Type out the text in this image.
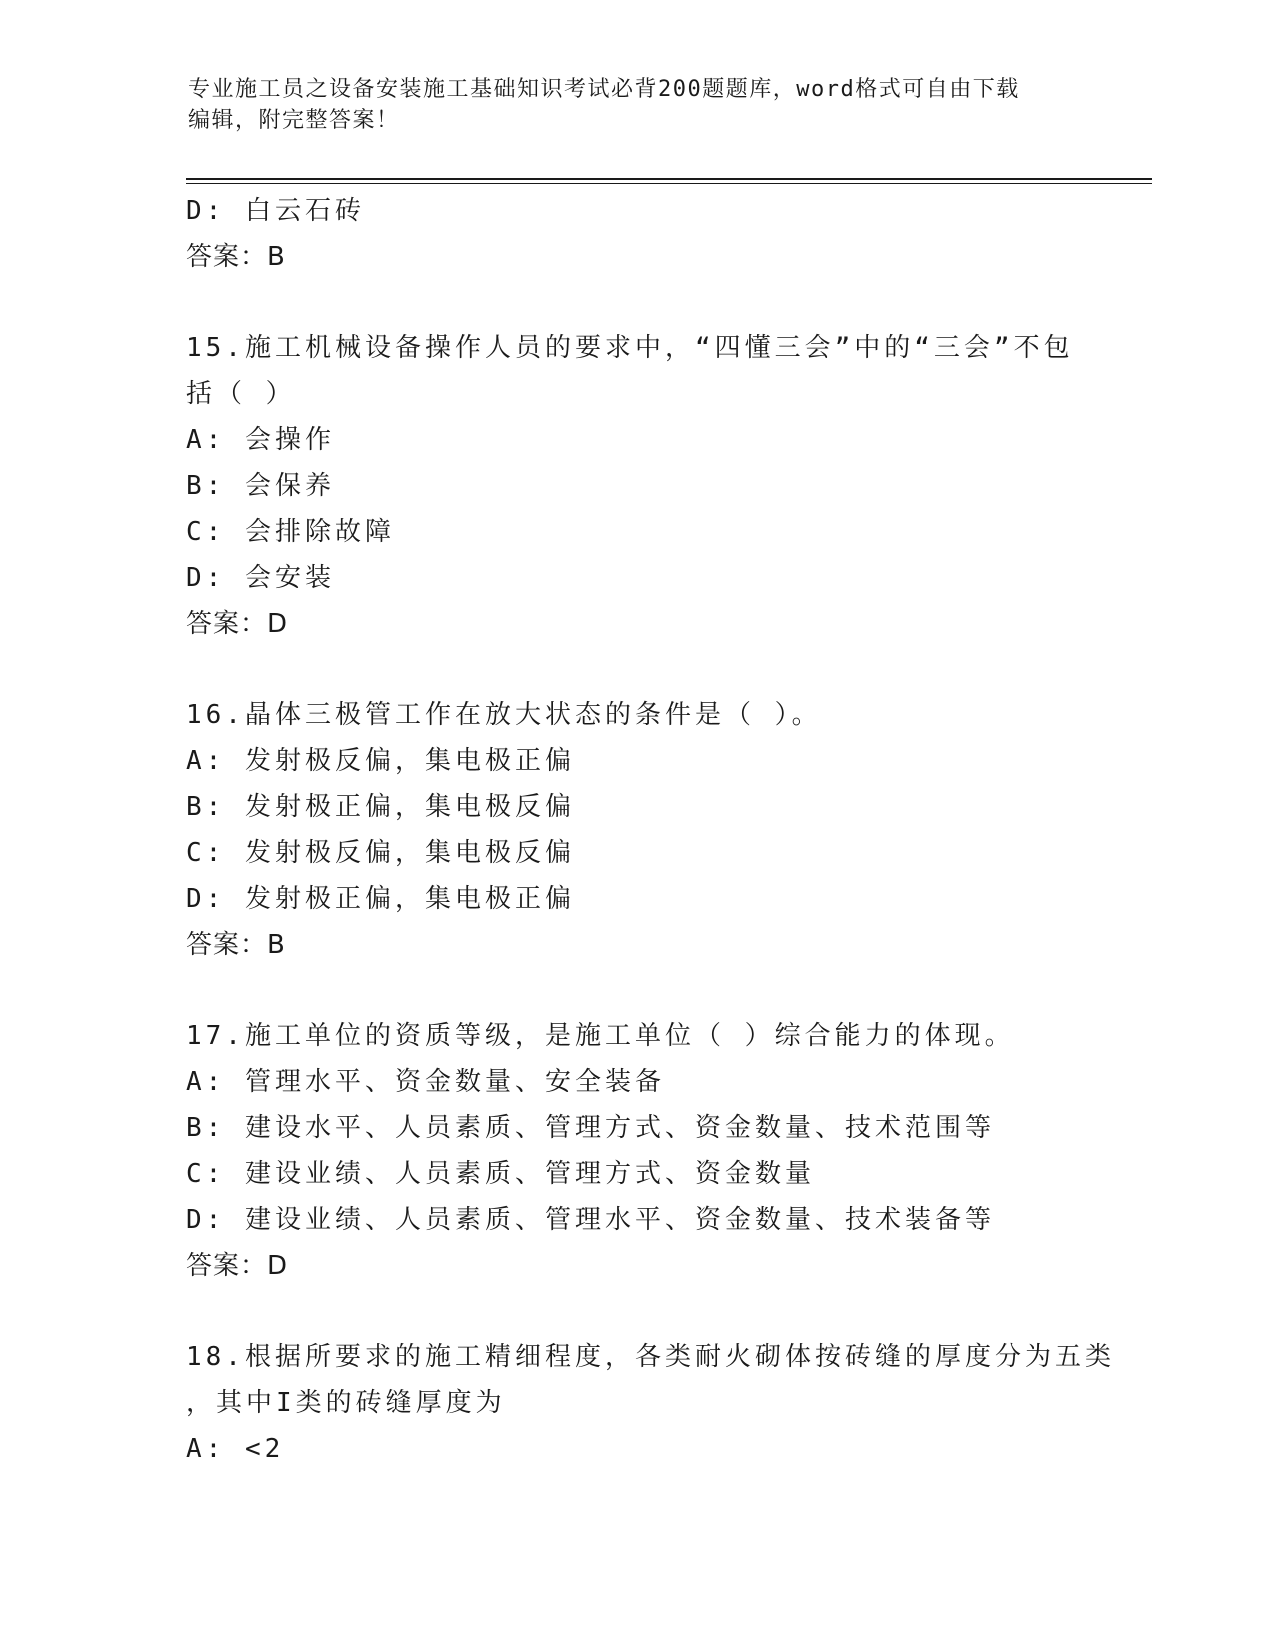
专业施工员之设备安装施工基础知识考试必背200题题库，word格式可自由下载
编辑，附完整答案！
D: 白云石砖
答案：B
15.施工机械设备操作人员的要求中，“四懂三会”中的“三会”不包
括（ ）
A: 会操作
B: 会保养
C: 会排除故障
D: 会安装
答案：D
16.晶体三极管工作在放大状态的条件是（ ）。
A: 发射极反偏，集电极正偏
B: 发射极正偏，集电极反偏
C: 发射极反偏，集电极反偏
D: 发射极正偏，集电极正偏
答案：B
17.施工单位的资质等级，是施工单位（ ）综合能力的体现。
A: 管理水平、资金数量、安全装备
B: 建设水平、人员素质、管理方式、资金数量、技术范围等
C: 建设业绩、人员素质、管理方式、资金数量
D: 建设业绩、人员素质、管理水平、资金数量、技术装备等
答案：D
18.根据所要求的施工精细程度，各类耐火砌体按砖缝的厚度分为五类
，其中I类的砖缝厚度为
A: <2
